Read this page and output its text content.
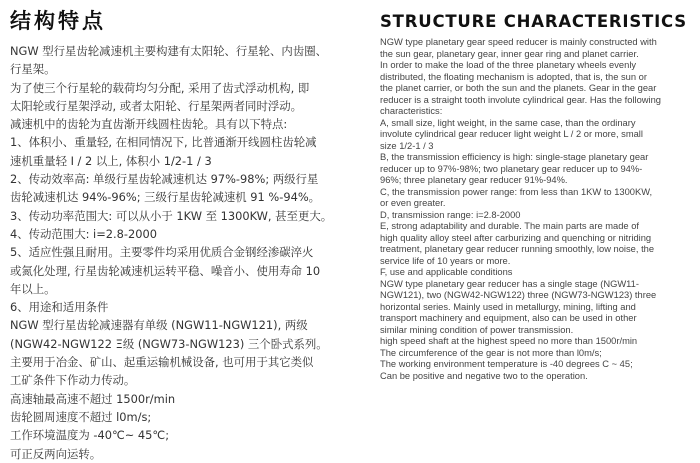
结构特点
NGW 型行星齿轮减速机主要构建有太阳轮、行星轮、内齿圈、
行星架。
为了使三个行星轮的载荷均匀分配, 采用了齿式浮动机构, 即
太阳轮或行星架浮动, 或者太阳轮、行星架两者同时浮动。
减速机中的齿轮为直齿渐开线圆柱齿轮。具有以下特点:
1、体积小、重量轻, 在相同情况下, 比普通渐开线圆柱齿轮减
速机重量轻 I / 2 以上, 体积小 1/2-1 / 3
2、传动效率高: 单级行星齿轮减速机达 97%-98%; 两级行星
齿轮减速机达 94%-96%; 三级行星齿轮减速机 91 %-94%。
3、传动功率范围大: 可以从小于 1KW 至 1300KW, 甚至更大。
4、传动范围大: i=2.8-2000
5、适应性强且耐用。主要零件均采用优质合金钢经渗碳淬火
或氮化处理, 行星齿轮减速机运转平稳、噪音小、使用寿命 10
年以上。
6、用途和适用条件
NGW 型行星齿轮减速器有单级 (NGW11-NGW121), 两级
(NGW42-NGW122 Ξ级 (NGW73-NGW123) 三个卧式系列。
主要用于冶金、矿山、起重运输机械设备, 也可用于其它类似
工矿条件下作动力传动。
高速轴最高速不超过 1500r/min
齿轮圆周速度不超过 l0m/s;
工作环境温度为 -40℃~ 45℃;
可正反两向运转。
STRUCTURE CHARACTERISTICS
NGW type planetary gear speed reducer is mainly constructed with
the sun gear, planetary gear, inner gear ring and planet carrier.
In order to make the load of the three planetary wheels evenly
distributed, the floating mechanism is adopted, that is, the sun or
the planet carrier, or both the sun and the planets. Gear in the gear
reducer is a straight tooth involute cylindrical gear. Has the following
characteristics:
A, small size, light weight, in the same case, than the ordinary
involute cylindrical gear reducer light weight L / 2 or more, small
size 1/2-1 / 3
B, the transmission efficiency is high: single-stage planetary gear
reducer up to 97%-98%; two planetary gear reducer up to 94%-
96%; three planetary gear reducer 91%-94%.
C, the transmission power range: from less than 1KW to 1300KW,
or even greater.
D, transmission range: i=2.8-2000
E, strong adaptability and durable. The main parts are made of
high quality alloy steel after carburizing and quenching or nitriding
treatment, planetary gear reducer running smoothly, low noise, the
service life of 10 years or more.
F, use and applicable conditions
NGW type planetary gear reducer has a single stage (NGW11-
NGW121), two (NGW42-NGW122) three (NGW73-NGW123) three
horizontal series. Mainly used in metallurgy, mining, lifting and
transport machinery and equipment, also can be used in other
similar mining condition of power transmission.
high speed shaft at the highest speed no more than 1500r/min
The circumference of the gear is not more than l0m/s;
The working environment temperature is -40 degrees C ~ 45;
Can be positive and negative two to the operation.
